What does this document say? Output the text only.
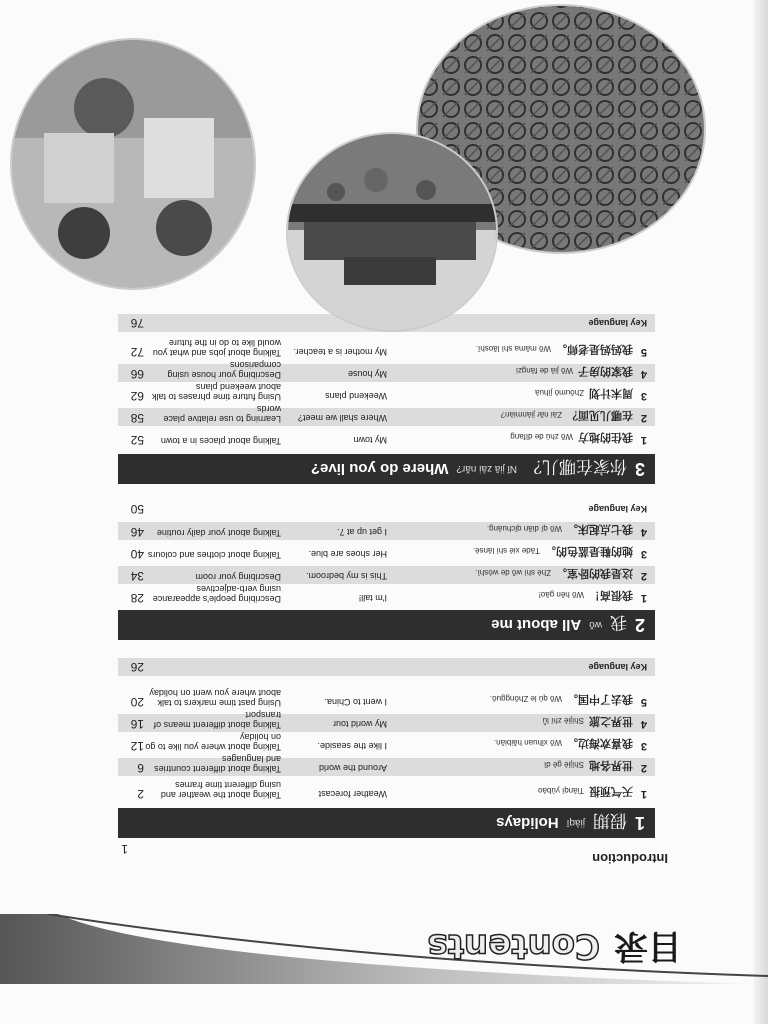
目录
Contents
Introduction
1
1
假期
jiàqī
Holidays
1
天气预报Tiānqì yùbào
Weather forecast
Talking about the weather and using different time frames
2
2
世界各地Shìjiè gè dì
Around the world
Talking about different countries and languages
6
3
我喜欢海边。Wǒ xǐhuan hǎibiān.
I like the seaside.
Talking about where you like to go on holiday
12
4
世界之旅Shìjiè zhī lǚ
My world tour
Talking about different means of transport
16
5
我去了中国。Wǒ qù le Zhōngguó.
I went to China.
Using past time markers to talk about where you went on holiday
20
Key language
26
2
我
wǒ
All about me
1
我很高！Wǒ hěn gāo!
I'm tall!
Describing people's appearance using verb-adjectives
28
2
这是我的卧室。Zhè shì wǒ de wòshì.
This is my bedroom.
Describing your room
34
3
她的鞋是蓝色的。Tāde xié shì lánsè.
Her shoes are blue.
Talking about clothes and colours
40
4
我七点起床。Wǒ qī diǎn qǐchuáng.
I get up at 7.
Talking about your daily routine
46
Key language
50
3
你家在哪儿？
Nǐ jiā zài nǎr?
Where do you live?
1
我住的地方Wǒ zhù de dìfang
My town
Talking about places in a town
52
2
在哪儿见面？Zài nǎr jiànmiàn?
Where shall we meet?
Learning to use relative place words
58
3
周末计划Zhōumò jìhuà
Weekend plans
Using future time phrases to talk about weekend plans
62
4
我家的房子Wǒ jiā de fángzi
My house
Describing your house using comparisons
66
5
我妈妈是老师。Wǒ māma shì lǎoshī.
My mother is a teacher.
Talking about jobs and what you would like to do in the future
72
Key language
76
